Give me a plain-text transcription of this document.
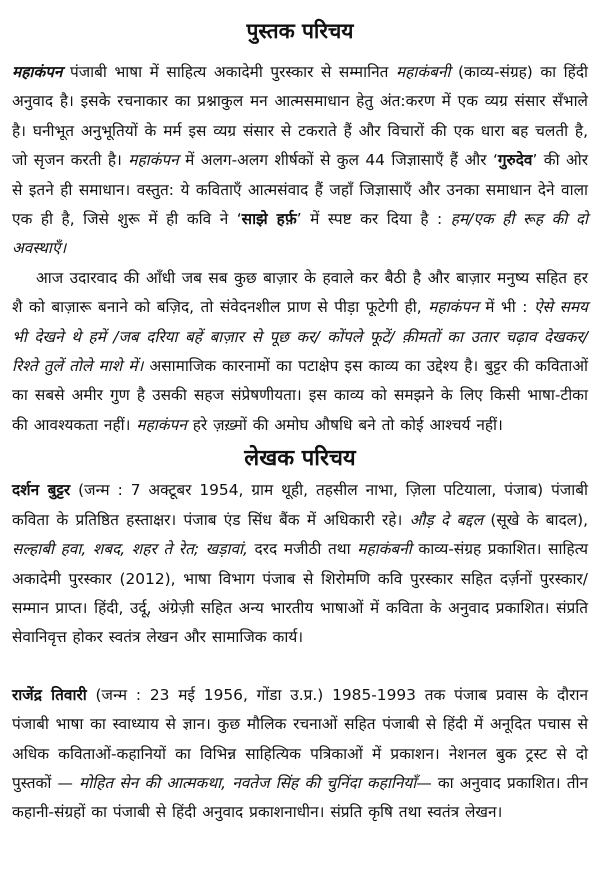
पुस्तक परिचय

महाकंपन पंजाबी भाषा में साहित्य अकादेमी पुरस्कार से सम्मानित महाकंबनी (काव्य-संग्रह) का हिंदी अनुवाद है। इसके रचनाकार का प्रश्नाकुल मन आत्मसमाधान हेतु अंत:करण में एक व्यग्र संसार सँभाले है। घनीभूत अनुभूतियों के मर्म इस व्यग्र संसार से टकराते हैं और विचारों की एक धारा बह चलती है, जो सृजन करती है। महाकंपन में अलग-अलग शीर्षकों से कुल 44 जिज्ञासाएँ हैं और ‘गुरुदेव’ की ओर से इतने ही समाधान। वस्तुत: ये कविताएँ आत्मसंवाद हैं जहाँ जिज्ञासाएँ और उनका समाधान देने वाला एक ही है, जिसे शुरू में ही कवि ने ‘साझे हर्फ़’ में स्पष्ट कर दिया है : हम/एक ही रूह की दो अवस्थाएँ।

आज उदारवाद की आँधी जब सब कुछ बाज़ार के हवाले कर बैठी है और बाज़ार मनुष्य सहित हर शै को बाज़ारू बनाने को बज़िद, तो संवेदनशील प्राण से पीड़ा फूटेगी ही, महाकंपन में भी : ऐसे समय भी देखने थे हमें /जब दरिया बहें बाज़ार से पूछ कर/ कोंपले फूटें/ क़ीमतों का उतार चढ़ाव देखकर/ रिश्ते तुलें तोले माशे में। असामाजिक कारनामों का पटाक्षेप इस काव्य का उद्देश्य है। बुट्टर की कविताओं का सबसे अमीर गुण है उसकी सहज संप्रेषणीयता। इस काव्य को समझने के लिए किसी भाषा-टीका की आवश्यकता नहीं। महाकंपन हरे ज़ख़्मों की अमोघ औषधि बने तो कोई आश्चर्य नहीं।

लेखक परिचय

दर्शन बुट्टर (जन्म : 7 अक्टूबर 1954, ग्राम थूही, तहसील नाभा, ज़िला पटियाला, पंजाब) पंजाबी कविता के प्रतिष्ठित हस्ताक्षर। पंजाब एंड सिंध बैंक में अधिकारी रहे। औड़ दे बद्दल (सूखे के बादल), सल्हाबी हवा, शबद, शहर ते रेत; खड़ावां, दरद मजीठी तथा महाकंबनी काव्य-संग्रह प्रकाशित। साहित्य अकादेमी पुरस्कार (2012), भाषा विभाग पंजाब से शिरोमणि कवि पुरस्कार सहित दर्ज़नों पुरस्कार/सम्मान प्राप्त। हिंदी, उर्दू, अंग्रेज़ी सहित अन्य भारतीय भाषाओं में कविता के अनुवाद प्रकाशित। संप्रति सेवानिवृत्त होकर स्वतंत्र लेखन और सामाजिक कार्य।

राजेंद्र तिवारी (जन्म : 23 मई 1956, गोंडा उ.प्र.) 1985-1993 तक पंजाब प्रवास के दौरान पंजाबी भाषा का स्वाध्याय से ज्ञान। कुछ मौलिक रचनाओं सहित पंजाबी से हिंदी में अनूदित पचास से अधिक कविताओं-कहानियों का विभिन्न साहित्यिक पत्रिकाओं में प्रकाशन। नेशनल बुक ट्रस्ट से दो पुस्तकों — मोहित सेन की आत्मकथा, नवतेज सिंह की चुनिंदा कहानियाँ— का अनुवाद प्रकाशित। तीन कहानी-संग्रहों का पंजाबी से हिंदी अनुवाद प्रकाशनाधीन। संप्रति कृषि तथा स्वतंत्र लेखन।
